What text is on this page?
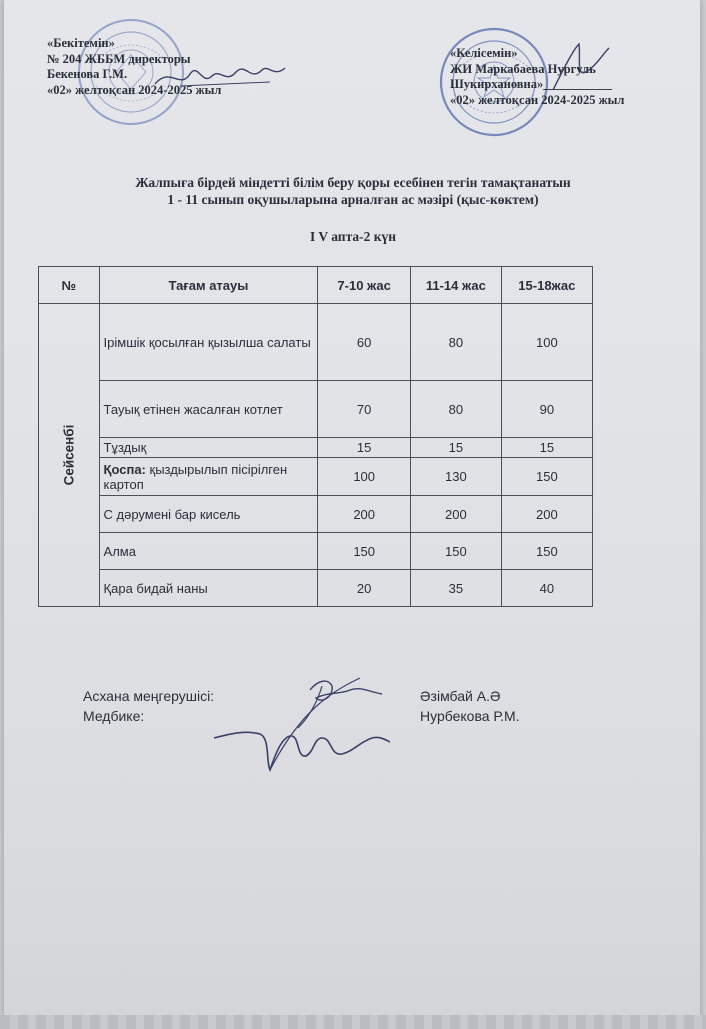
«Бекітемін»
№ 204 ЖББМ директоры
Бекенова Г.М.
«02» желтоқсан 2024-2025 жыл
«Келісемін»
ЖИ Маркабаева Нургуль
Шукирхановна»___________
«02» желтоқсан 2024-2025 жыл
Жалпыға бірдей міндетті білім беру қоры есебінен тегін тамақтанатын
1 - 11 сынып оқушыларына арналған ас мәзірі (қыс-көктем)
I V апта-2 күн
№	Тағам атауы	7-10 жас	11-14 жас	15-18жас

Сейсенбі	Ірімшік қосылған қызылша салаты	60	80	100
	Тауық етінен жасалған котлет	70	80	90
	Тұздық	15	15	15
	Қоспа: қыздырылып пісірілген картоп	100	130	150
	С дәрумені бар кисель	200	200	200
	Алма	150	150	150
	Қара бидай наны	20	35	40
Асхана меңгерушісі:	Әзімбай А.Ә
Медбике:	Нурбекова Р.М.
